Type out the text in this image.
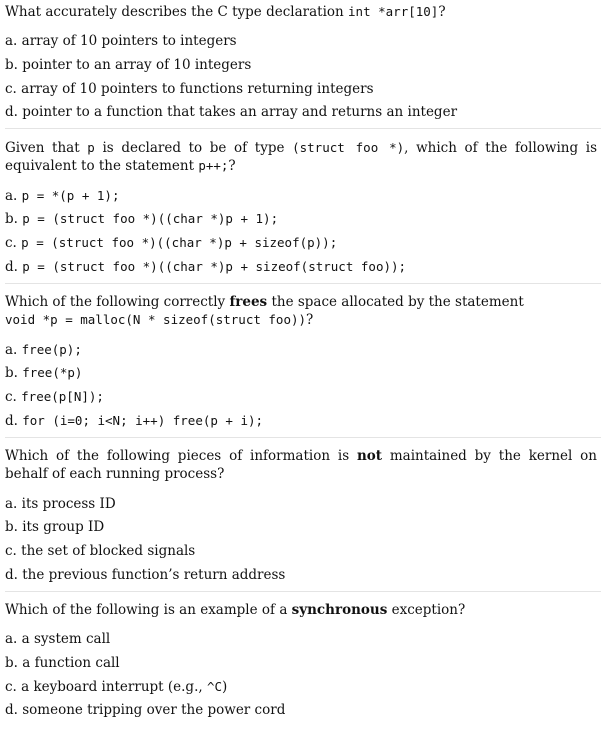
What accurately describes the C type declaration int *arr[10]?
a. array of 10 pointers to integers
b. pointer to an array of 10 integers
c. array of 10 pointers to functions returning integers
d. pointer to a function that takes an array and returns an integer
Given that p is declared to be of type (struct foo *), which of the following is equivalent to the statement p++;?
a. p = *(p + 1);
b. p = (struct foo *)((char *)p + 1);
c. p = (struct foo *)((char *)p + sizeof(p));
d. p = (struct foo *)((char *)p + sizeof(struct foo));
Which of the following correctly frees the space allocated by the statement
void *p = malloc(N * sizeof(struct foo))?
a. free(p);
b. free(*p)
c. free(p[N]);
d. for (i=0; i<N; i++) free(p + i);
Which of the following pieces of information is not maintained by the kernel on behalf of each running process?
a. its process ID
b. its group ID
c. the set of blocked signals
d. the previous function’s return address
Which of the following is an example of a synchronous exception?
a. a system call
b. a function call
c. a keyboard interrupt (e.g., ^C)
d. someone tripping over the power cord
